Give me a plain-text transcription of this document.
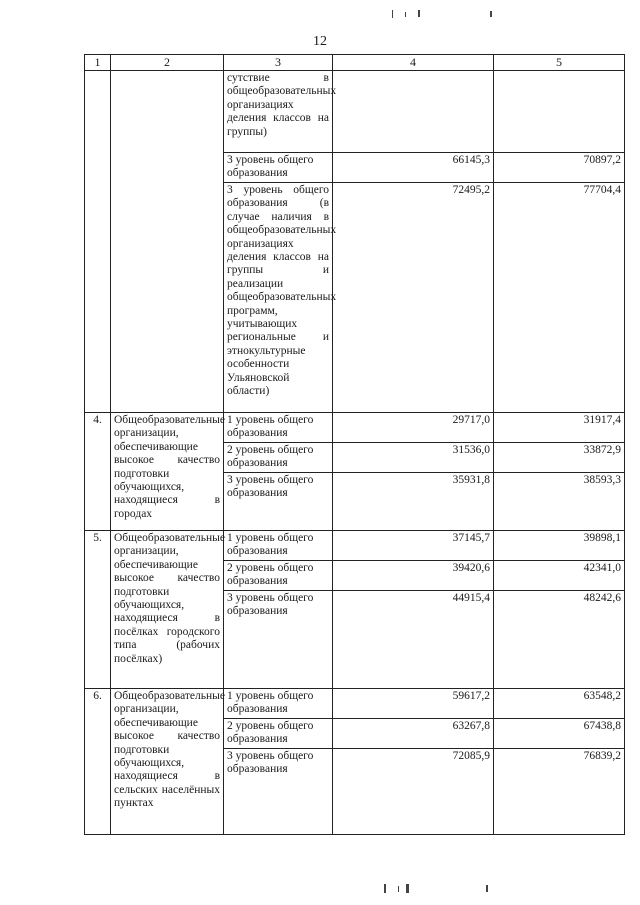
12
1	2	3	4	5
		сутствие в общеобразовательных организациях деления классов на группы)		
		3 уровень общего образования	66145,3	70897,2
		3 уровень общего образования (в случае наличия в общеобразовательных организациях деления классов на группы и реализации общеобразовательных программ, учитывающих региональные и этнокультурные особенности Ульяновской области)	72495,2	77704,4
4.	Общеобразовательные организации, обеспечивающие высокое качество подготовки обучающихся, находящиеся в городах	1 уровень общего образования	29717,0	31917,4
		2 уровень общего образования	31536,0	33872,9
		3 уровень общего образования	35931,8	38593,3
5.	Общеобразовательные организации, обеспечивающие высокое качество подготовки обучающихся, находящиеся в посёлках городского типа (рабочих посёлках)	1 уровень общего образования	37145,7	39898,1
		2 уровень общего образования	39420,6	42341,0
		3 уровень общего образования	44915,4	48242,6
6.	Общеобразовательные организации, обеспечивающие высокое качество подготовки обучающихся, находящиеся в сельских населённых пунктах	1 уровень общего образования	59617,2	63548,2
		2 уровень общего образования	63267,8	67438,8
		3 уровень общего образования	72085,9	76839,2
